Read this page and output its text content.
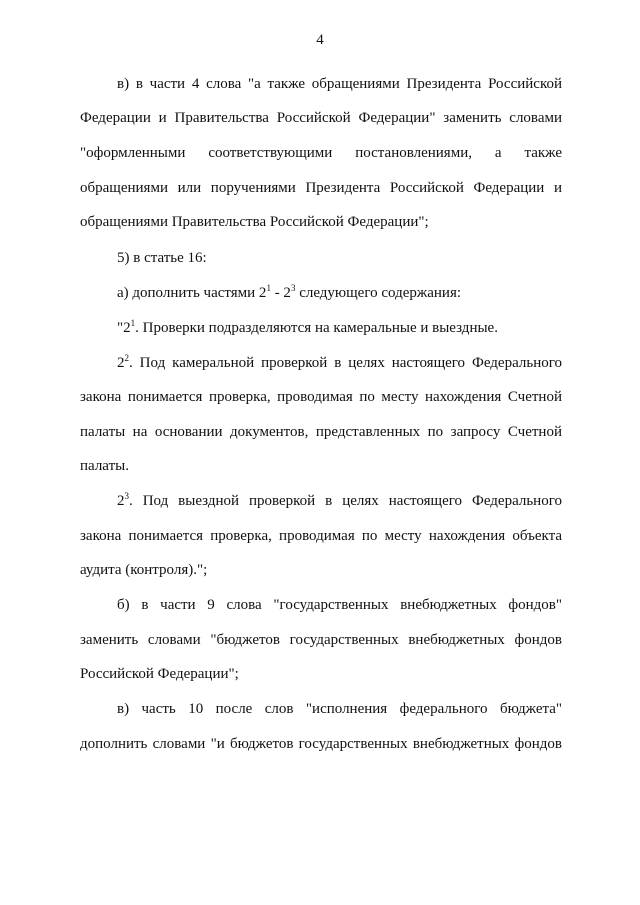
4
в) в части 4 слова "а также обращениями Президента Российской
Федерации и Правительства Российской Федерации" заменить словами
"оформленными соответствующими постановлениями, а также
обращениями или поручениями Президента Российской Федерации и
обращениями Правительства Российской Федерации";
5) в статье 16:
а) дополнить частями $2^1 - 2^3$ следующего содержания:
"$2^1$. Проверки подразделяются на камеральные и выездные.
$2^2$. Под камеральной проверкой в целях настоящего Федерального
закона понимается проверка, проводимая по месту нахождения Счетной
палаты на основании документов, представленных по запросу Счетной
палаты.
$2^3$. Под выездной проверкой в целях настоящего Федерального
закона понимается проверка, проводимая по месту нахождения объекта
аудита (контроля).";
б) в части 9 слова "государственных внебюджетных фондов"
заменить словами "бюджетов государственных внебюджетных фондов
Российской Федерации";
в) часть 10 после слов "исполнения федерального бюджета"
дополнить словами "и бюджетов государственных внебюджетных фондов
